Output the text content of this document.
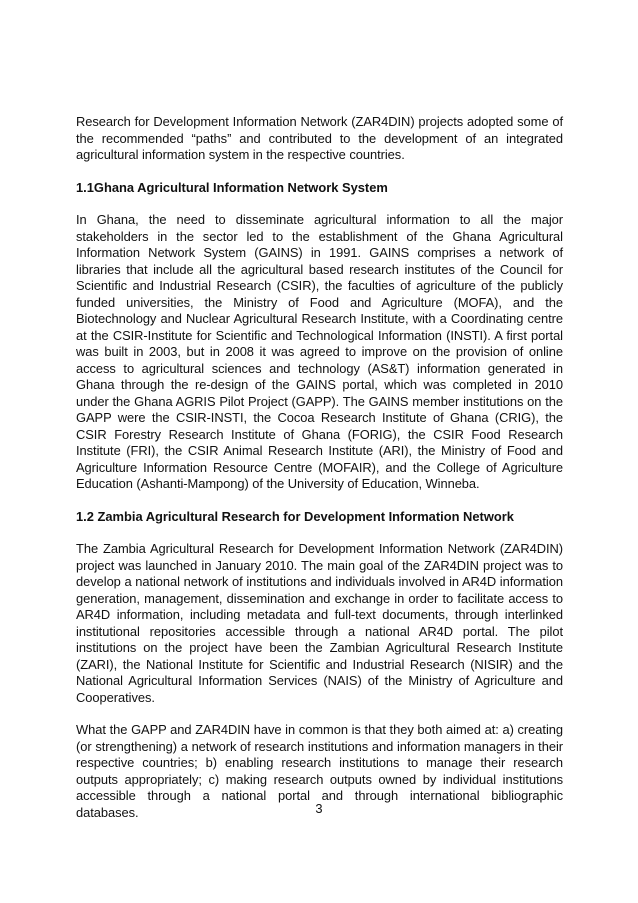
Research for Development Information Network (ZAR4DIN) projects adopted some of the recommended “paths” and contributed to the development of an integrated agricultural information system in the respective countries.

1.1Ghana Agricultural Information Network System

In Ghana, the need to disseminate agricultural information to all the major stakeholders in the sector led to the establishment of the Ghana Agricultural Information Network System (GAINS) in 1991. GAINS comprises a network of libraries that include all the agricultural based research institutes of the Council for Scientific and Industrial Research (CSIR), the faculties of agriculture of the publicly funded universities, the Ministry of Food and Agriculture (MOFA), and the Biotechnology and Nuclear Agricultural Research Institute, with a Coordinating centre at the CSIR-Institute for Scientific and Technological Information (INSTI). A first portal was built in 2003, but in 2008 it was agreed to improve on the provision of online access to agricultural sciences and technology (AS&T) information generated in Ghana through the re-design of the GAINS portal, which was completed in 2010 under the Ghana AGRIS Pilot Project (GAPP). The GAINS member institutions on the GAPP were the CSIR-INSTI, the Cocoa Research Institute of Ghana (CRIG), the CSIR Forestry Research Institute of Ghana (FORIG), the CSIR Food Research Institute (FRI), the CSIR Animal Research Institute (ARI), the Ministry of Food and Agriculture Information Resource Centre (MOFAIR), and the College of Agriculture Education (Ashanti-Mampong) of the University of Education, Winneba.

1.2 Zambia Agricultural Research for Development Information Network

The Zambia Agricultural Research for Development Information Network (ZAR4DIN) project was launched in January 2010. The main goal of the ZAR4DIN project was to develop a national network of institutions and individuals involved in AR4D information generation, management, dissemination and exchange in order to facilitate access to AR4D information, including metadata and full-text documents, through interlinked institutional repositories accessible through a national AR4D portal. The pilot institutions on the project have been the Zambian Agricultural Research Institute (ZARI), the National Institute for Scientific and Industrial Research (NISIR) and the National Agricultural Information Services (NAIS) of the Ministry of Agriculture and Cooperatives.

What the GAPP and ZAR4DIN have in common is that they both aimed at: a) creating (or strengthening) a network of research institutions and information managers in their respective countries; b) enabling research institutions to manage their research outputs appropriately; c) making research outputs owned by individual institutions accessible through a national portal and through international bibliographic databases.	3
